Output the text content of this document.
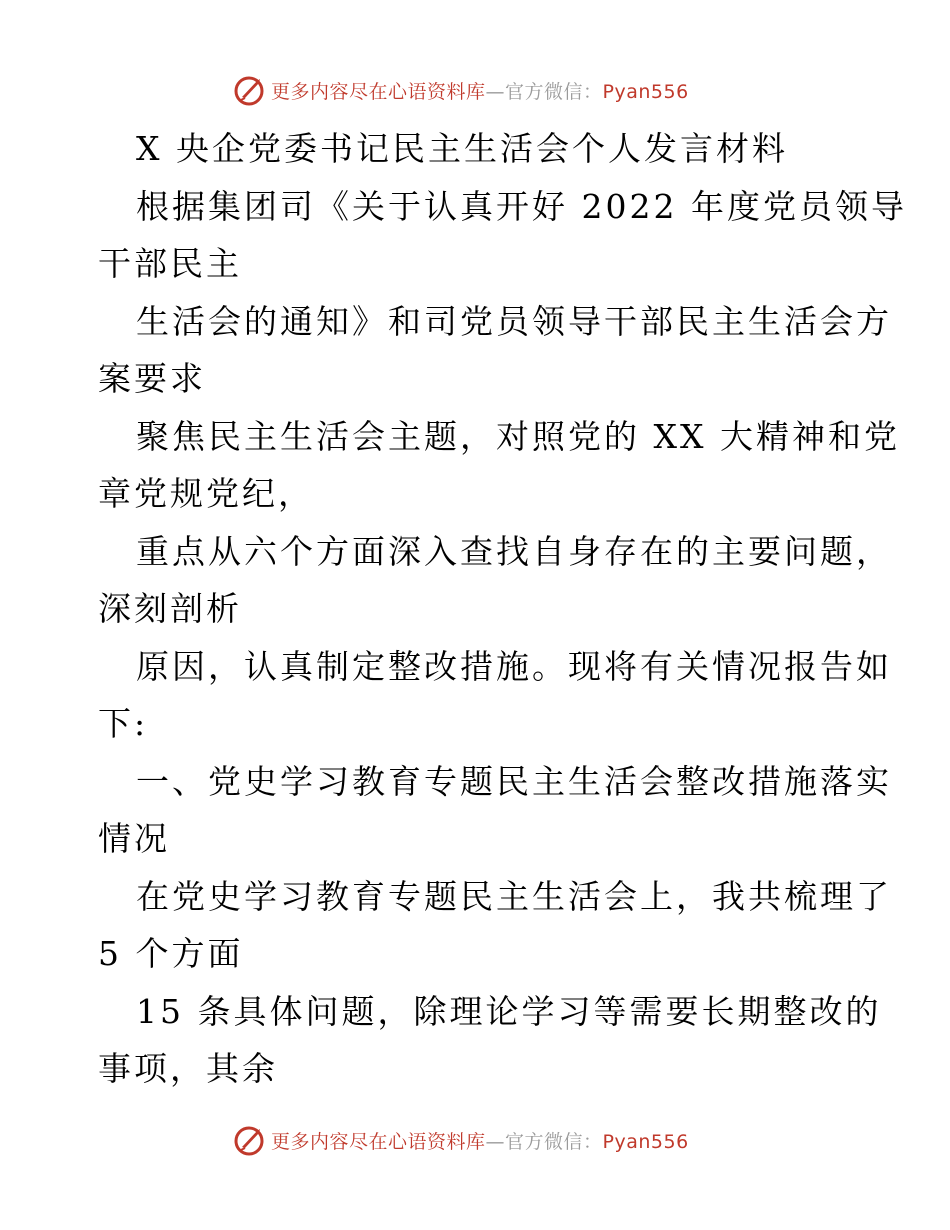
更多内容尽在心语资料库—官方微信：Pyan556
X 央企党委书记民主生活会个人发言材料
根据集团司《关于认真开好 2022 年度党员领导
干部民主
生活会的通知》和司党员领导干部民主生活会方
案要求
聚焦民主生活会主题，对照党的 XX 大精神和党
章党规党纪，
重点从六个方面深入查找自身存在的主要问题，
深刻剖析
原因，认真制定整改措施。现将有关情况报告如
下:
一、党史学习教育专题民主生活会整改措施落实
情况
在党史学习教育专题民主生活会上，我共梳理了
5 个方面
15 条具体问题，除理论学习等需要长期整改的
事项，其余
更多内容尽在心语资料库—官方微信：Pyan556
